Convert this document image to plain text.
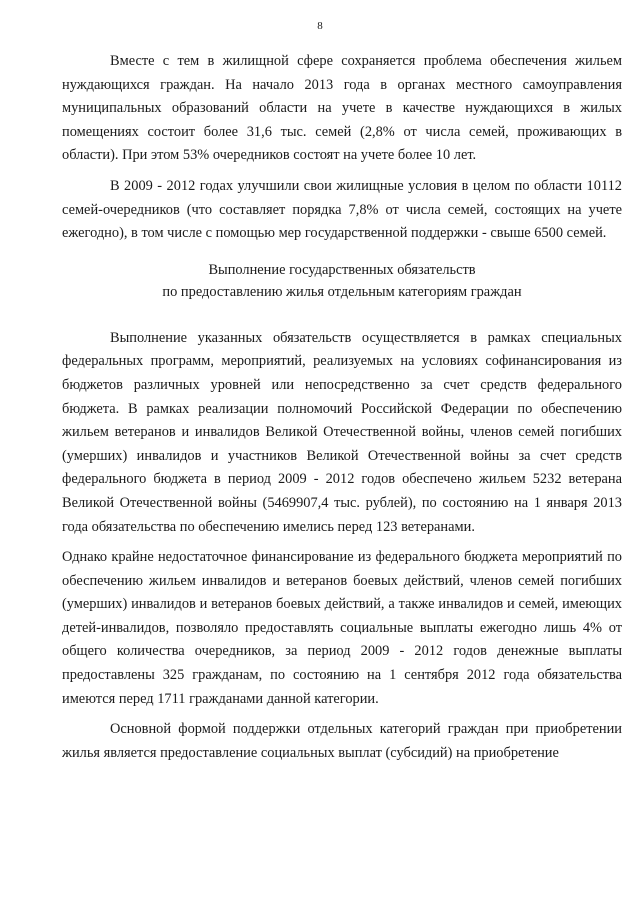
8

Вместе с тем в жилищной сфере сохраняется проблема обеспечения жильем нуждающихся граждан. На начало 2013 года в органах местного самоуправления муниципальных образований области на учете в качестве нуждающихся в жилых помещениях состоит более 31,6 тыс. семей (2,8% от числа семей, проживающих в области). При этом 53% очередников состоят на учете более 10 лет.

В 2009 - 2012 годах улучшили свои жилищные условия в целом по области 10112 семей-очередников (что составляет порядка 7,8% от числа семей, состоящих на учете ежегодно), в том числе с помощью мер государственной поддержки - свыше 6500 семей.

Выполнение государственных обязательств
по предоставлению жилья отдельным категориям граждан

Выполнение указанных обязательств осуществляется в рамках специальных федеральных программ, мероприятий, реализуемых на условиях софинансирования из бюджетов различных уровней или непосредственно за счет средств федерального бюджета. В рамках реализации полномочий Российской Федерации по обеспечению жильем ветеранов и инвалидов Великой Отечественной войны, членов семей погибших (умерших) инвалидов и участников Великой Отечественной войны за счет средств федерального бюджета в период 2009 - 2012 годов обеспечено жильем 5232 ветерана Великой Отечественной войны (5469907,4 тыс. рублей), по состоянию на 1 января 2013 года обязательства по обеспечению имелись перед 123 ветеранами.

Однако крайне недостаточное финансирование из федерального бюджета мероприятий по обеспечению жильем инвалидов и ветеранов боевых действий, членов семей погибших (умерших) инвалидов и ветеранов боевых действий, а также инвалидов и семей, имеющих детей-инвалидов, позволяло предоставлять социальные выплаты ежегодно лишь 4% от общего количества очередников, за период 2009 - 2012 годов денежные выплаты предоставлены 325 гражданам, по состоянию на 1 сентября 2012 года обязательства имеются перед 1711 гражданами данной категории.

Основной формой поддержки отдельных категорий граждан при приобретении жилья является предоставление социальных выплат (субсидий) на приобретение
